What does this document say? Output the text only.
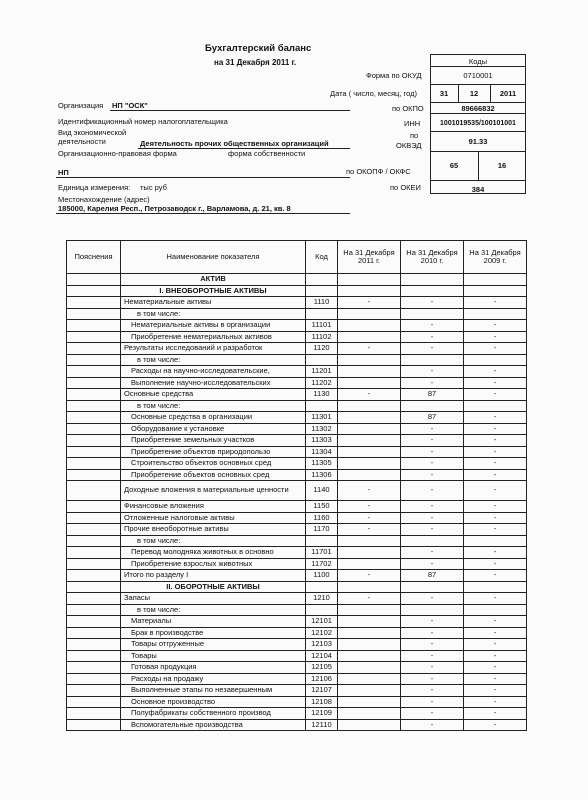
Бухгалтерский баланс
на 31 Декабря 2011 г.	Коды
Форма по ОКУД	0710001
Дата ( число, месяц, год)	31	12	2011
Организация НП "ОСК"	по ОКПО	89666832
Идентификационный номер налогоплательщика	ИНН	1001019535/100101001
Вид экономической
деятельности	Деятельность прочих общественных организаций
по
ОКВЭД	91.33
Организационно-правовая форма	форма собственности
НП	по ОКОПФ / ОКФС
65	16
Единица измерения: тыс руб	по ОКЕИ	384
Местонахождение (адрес)
185000, Карелия Респ., Петрозаводск г., Варламова, д. 21, кв. 8
Пояснения	Наименование показателя	Код	На 31 Декабря 2011 г.	На 31 Декабря 2010 г.	На 31 Декабря 2009 г.
	АКТИВ				
	I. ВНЕОБОРОТНЫЕ АКТИВЫ				
	Нематериальные активы	1110	-	-	-
	в том числе:				
	Нематериальные активы в организации	11101		-	-
	Приобретение нематериальных активов	11102		-	-
	Результаты исследований и разработок	1120	-	-	-
	в том числе:				
	Расходы на научно-исследовательские,	11201		-	-
	Выполнение научно-исследовательских	11202		-	-
	Основные средства	1130	-	87	-
	в том числе:				
	Основные средства в организации	11301		87	-
	Оборудование к установке	11302		-	-
	Приобретение земельных участков	11303		-	-
	Приобретение объектов природопользо	11304		-	-
	Строительство объектов основных сред	11305		-	-
	Приобретение объектов основных сред	11306		-	-
	Доходные вложения в материальные ценности	1140	-	-	-
	Финансовые вложения	1150	-	-	-
	Отложенные налоговые активы	1160	-	-	-
	Прочие внеоборотные активы	1170	-	-	-
	в том числе:				
	Перевод молодняка животных в основно	11701		-	-
	Приобретение взрослых животных	11702		-	-
	Итого по разделу I	1100	-	87	-
	II. ОБОРОТНЫЕ АКТИВЫ				
	Запасы	1210	-	-	-
	в том числе:				
	Материалы	12101		-	-
	Брак в производстве	12102		-	-
	Товары отгруженные	12103		-	-
	Товары	12104		-	-
	Готовая продукция	12105		-	-
	Расходы на продажу	12106		-	-
	Выполненные этапы по незавершенным	12107		-	-
	Основное производство	12108		-	-
	Полуфабрикаты собственного производ	12109		-	-
	Вспомогательные производства	12110		-	-
